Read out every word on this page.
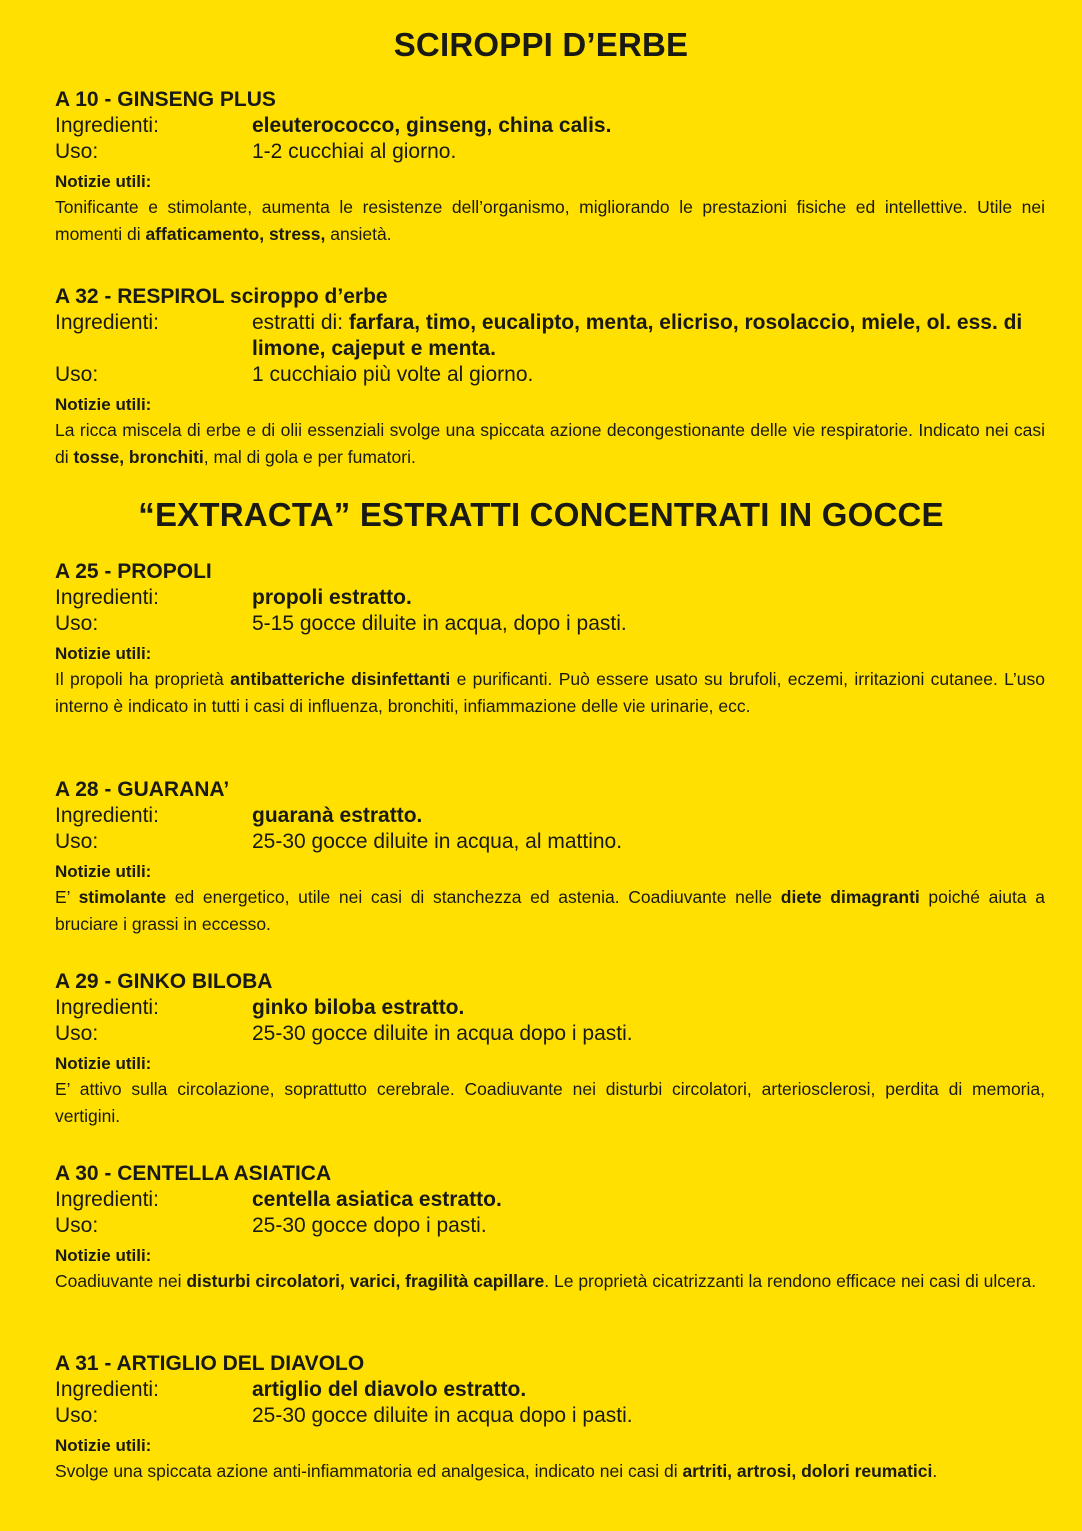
SCIROPPI D’ERBE
“EXTRACTA” ESTRATTI CONCENTRATI IN GOCCE
A 10 - GINSENG PLUS
Ingredienti:	eleuterococco, ginseng, china calis.
Uso:	1-2 cucchiai al giorno.
Notizie utili:
Tonificante e stimolante, aumenta le resistenze dell’organismo, migliorando le prestazioni fisiche ed intellettive. Utile nei momenti di affaticamento, stress, ansietà.
A 32 - RESPIROL sciroppo d’erbe
Ingredienti:	estratti di: farfara, timo, eucalipto, menta, elicriso, rosolaccio, miele, ol. ess. di limone, cajeput e menta.
Uso:	1 cucchiaio più volte al giorno.
Notizie utili:
La ricca miscela di erbe e di olii essenziali svolge una spiccata azione decongestionante delle vie respiratorie. Indicato nei casi di tosse, bronchiti, mal di gola e per fumatori.
A 25 - PROPOLI
Ingredienti:	propoli estratto.
Uso:	5-15 gocce diluite in acqua, dopo i pasti.
Notizie utili:
Il propoli ha proprietà antibatteriche disinfettanti e purificanti. Può essere usato su brufoli, eczemi, irritazioni cutanee. L’uso interno è indicato in tutti i casi di influenza, bronchiti, infiammazione delle vie urinarie, ecc.
A 28 - GUARANA’
Ingredienti:	guaranà estratto.
Uso:	25-30 gocce diluite in acqua, al mattino.
Notizie utili:
E’ stimolante ed energetico, utile nei casi di stanchezza ed astenia. Coadiuvante nelle diete dimagranti poiché aiuta a bruciare i grassi in eccesso.
A 29 - GINKO BILOBA
Ingredienti:	ginko biloba estratto.
Uso:	25-30 gocce diluite in acqua dopo i pasti.
Notizie utili:
E’ attivo sulla circolazione, soprattutto cerebrale. Coadiuvante nei disturbi circolatori, arteriosclerosi, perdita di memoria, vertigini.
A 30 - CENTELLA ASIATICA
Ingredienti:	centella asiatica estratto.
Uso:	25-30 gocce dopo i pasti.
Notizie utili:
Coadiuvante nei disturbi circolatori, varici, fragilità capillare. Le proprietà cicatrizzanti la rendono efficace nei casi di ulcera.
A 31 - ARTIGLIO DEL DIAVOLO
Ingredienti:	artiglio del diavolo estratto.
Uso:	25-30 gocce diluite in acqua dopo i pasti.
Notizie utili:
Svolge una spiccata azione anti-infiammatoria ed analgesica, indicato nei casi di artriti, artrosi, dolori reumatici.
